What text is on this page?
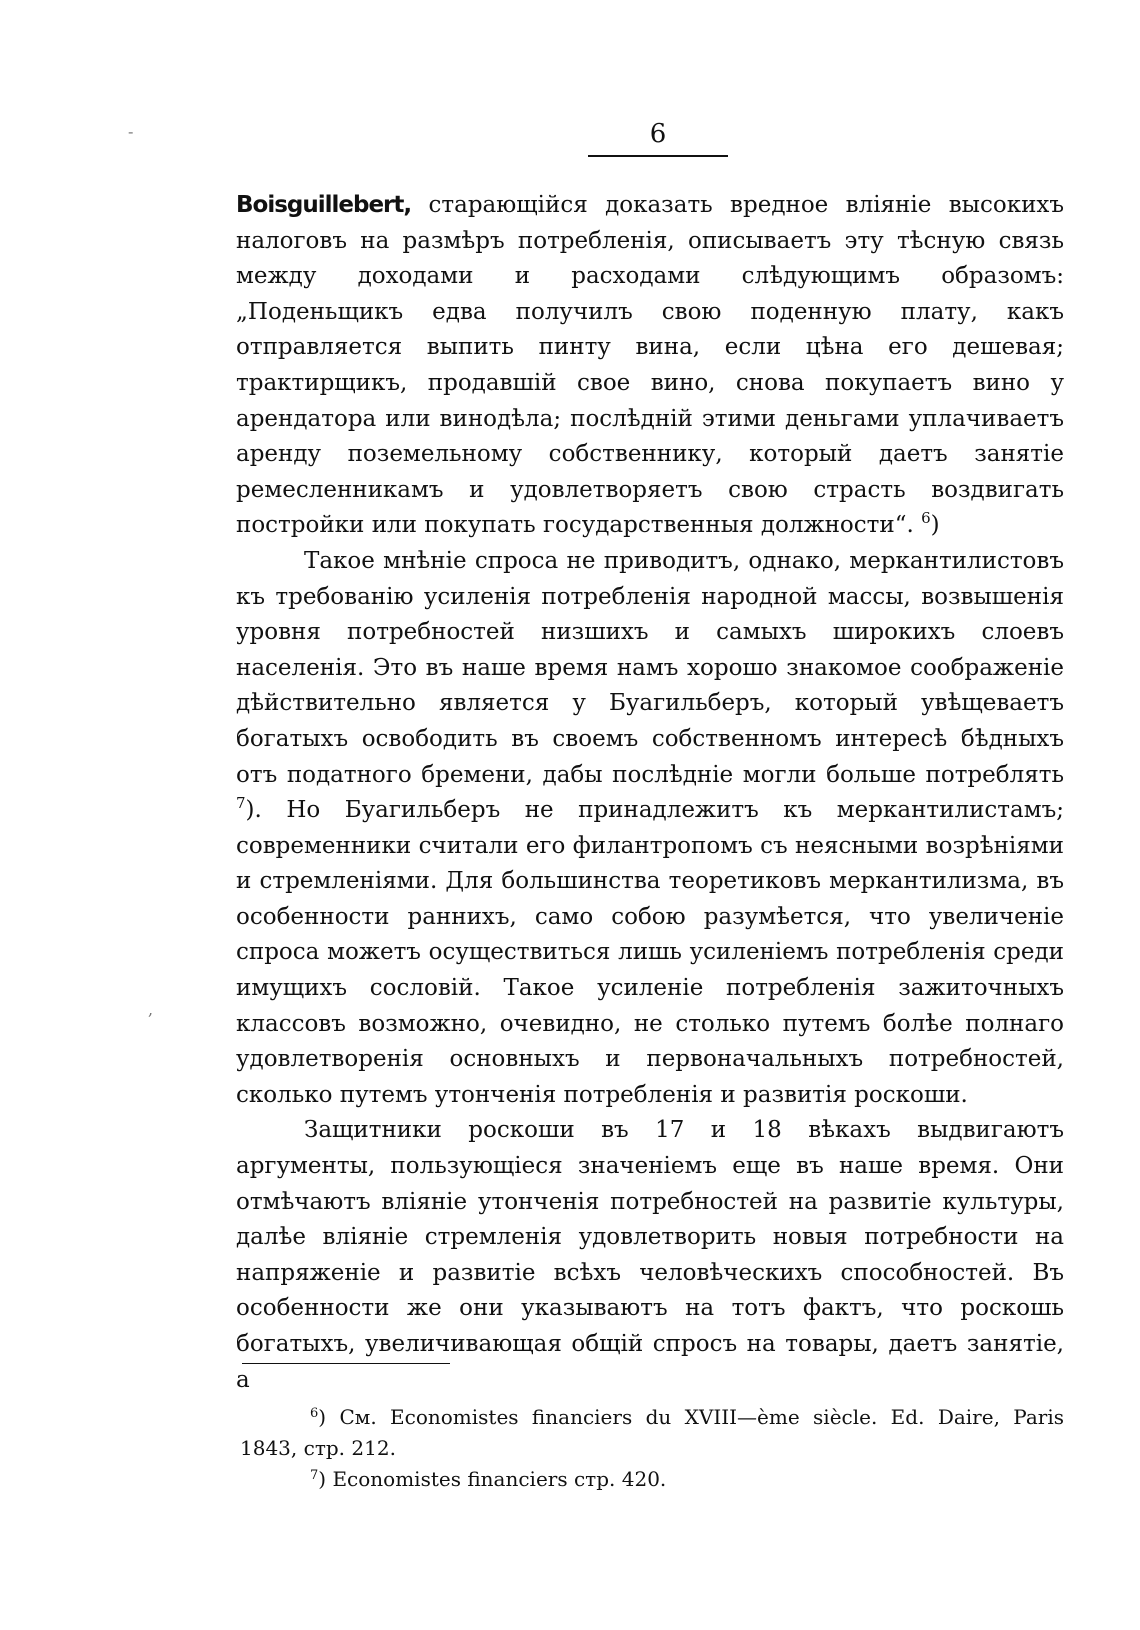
-
,
6

Boisguillebert, старающійся доказать вредное вліяніе высокихъ налоговъ на размѣръ потребленія, описываетъ эту тѣсную связь между доходами и расходами слѣдующимъ образомъ: „Поденьщикъ едва получилъ свою поденную плату, какъ отправляется выпить пинту вина, если цѣна его дешевая; трактирщикъ, продавшій свое вино, снова покупаетъ вино у арендатора или винодѣла; послѣдній этими деньгами уплачиваетъ аренду поземельному собственнику, который даетъ занятіе ремесленникамъ и удовлетворяетъ свою страсть воздвигать постройки или покупать государственныя должности“. $^6$)

Такое мнѣніе спроса не приводитъ, однако, меркантилистовъ къ требованію усиленія потребленія народной массы, возвышенія уровня потребностей низшихъ и самыхъ широкихъ слоевъ населенія. Это въ наше время намъ хорошо знакомое соображеніе дѣйствительно является у Буагильберъ, который увѣщеваетъ богатыхъ освободить въ своемъ собственномъ интересѣ бѣдныхъ отъ податного бремени, дабы послѣдніе могли больше потреблять $^7$). Но Буагильберъ не принадлежитъ къ меркантилистамъ; современники считали его филантропомъ съ неясными возрѣніями и стремленіями. Для большинства теоретиковъ меркантилизма, въ особенности раннихъ, само собою разумѣется, что увеличеніе спроса можетъ осуществиться лишь усиленіемъ потребленія среди имущихъ сословій. Такое усиленіе потребленія зажиточныхъ классовъ возможно, очевидно, не столько путемъ болѣе полнаго удовлетворенія основныхъ и первоначальныхъ потребностей, сколько путемъ утонченія потребленія и развитія роскоши.

Защитники роскоши въ 17 и 18 вѣкахъ выдвигаютъ аргументы, пользующіеся значеніемъ еще въ наше время. Они отмѣчаютъ вліяніе утонченія потребностей на развитіе культуры, далѣе вліяніе стремленія удовлетворить новыя потребности на напряженіе и развитіе всѣхъ человѣческихъ способностей. Въ особенности же они указываютъ на тотъ фактъ, что роскошь богатыхъ, увеличивающая общій спросъ на товары, даетъ занятіе, а

$^6$) См. Economistes financiers du XVIII—ème siècle. Ed. Daire, Paris 1843, стр. 212.

$^7$) Economistes financiers стр. 420.
